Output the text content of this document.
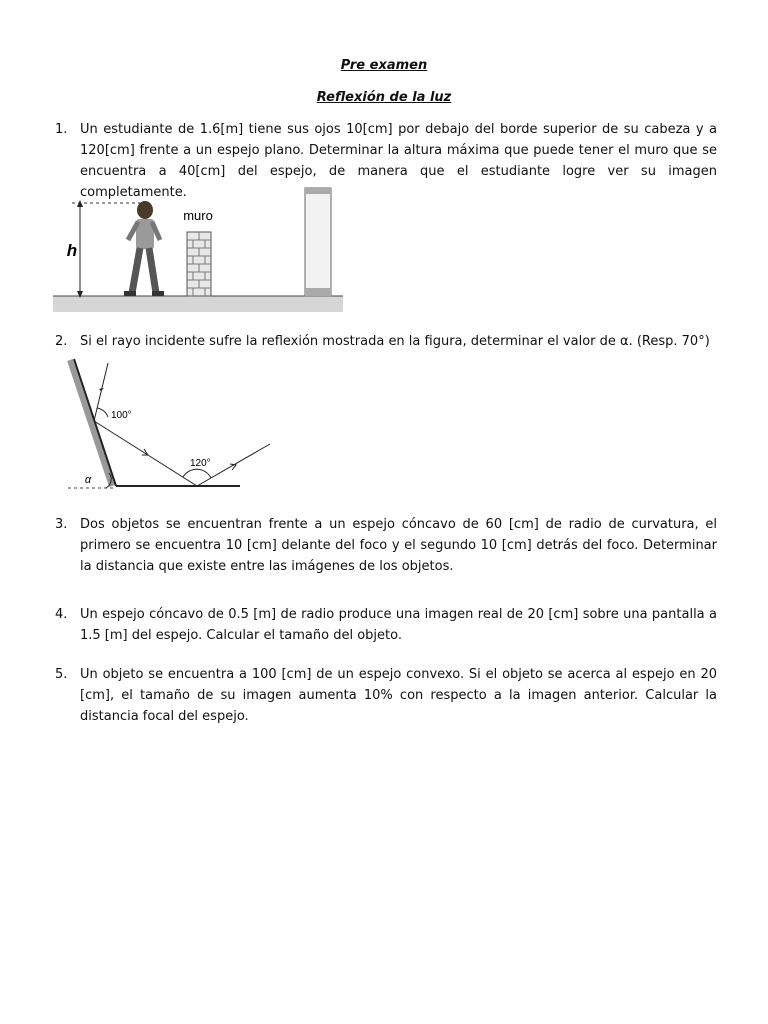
Pre examen
Reflexión de la luz
1. Un estudiante de 1.6[m] tiene sus ojos 10[cm] por debajo del borde superior de su cabeza y a 120[cm] frente a un espejo plano. Determinar la altura máxima que puede tener el muro que se encuentra a 40[cm] del espejo, de manera que el estudiante logre ver su imagen completamente.
h
muro
2. Si el rayo incidente sufre la reflexión mostrada en la figura, determinar el valor de α. (Resp. 70°)
α
100°
120°
3. Dos objetos se encuentran frente a un espejo cóncavo de 60 [cm] de radio de curvatura, el primero se encuentra 10 [cm] delante del foco y el segundo 10 [cm] detrás del foco. Determinar la distancia que existe entre las imágenes de los objetos.
4. Un espejo cóncavo de 0.5 [m] de radio produce una imagen real de 20 [cm] sobre una pantalla a 1.5 [m] del espejo. Calcular el tamaño del objeto.
5. Un objeto se encuentra a 100 [cm] de un espejo convexo. Si el objeto se acerca al espejo en 20 [cm], el tamaño de su imagen aumenta 10% con respecto a la imagen anterior. Calcular la distancia focal del espejo.
